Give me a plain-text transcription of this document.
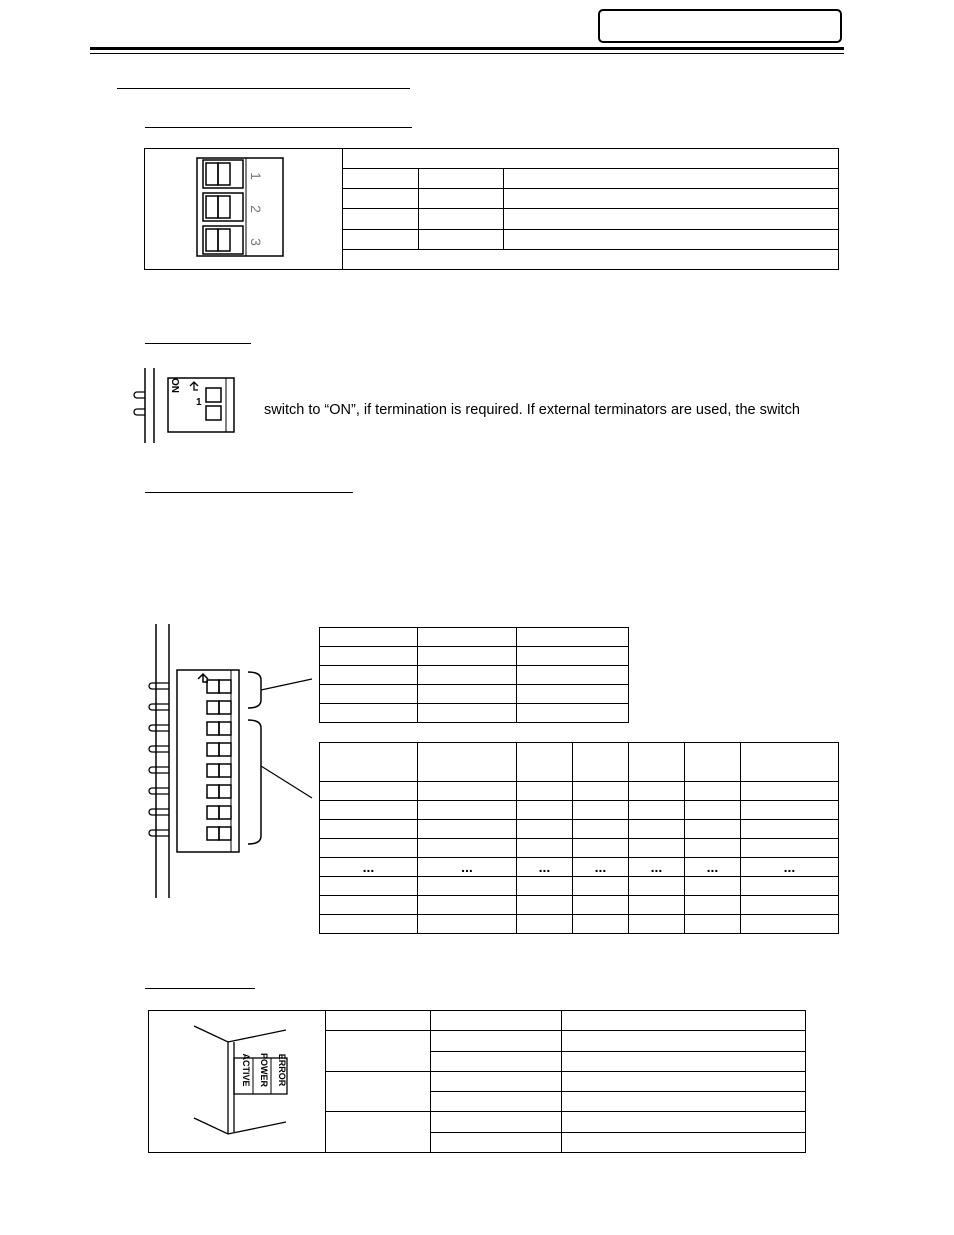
1
2
3

ON
1	switch to “ON”, if termination is required. If external terminators are used, the switch

...	...	...	...	...	...	...

ACTIVE POWER ERROR
